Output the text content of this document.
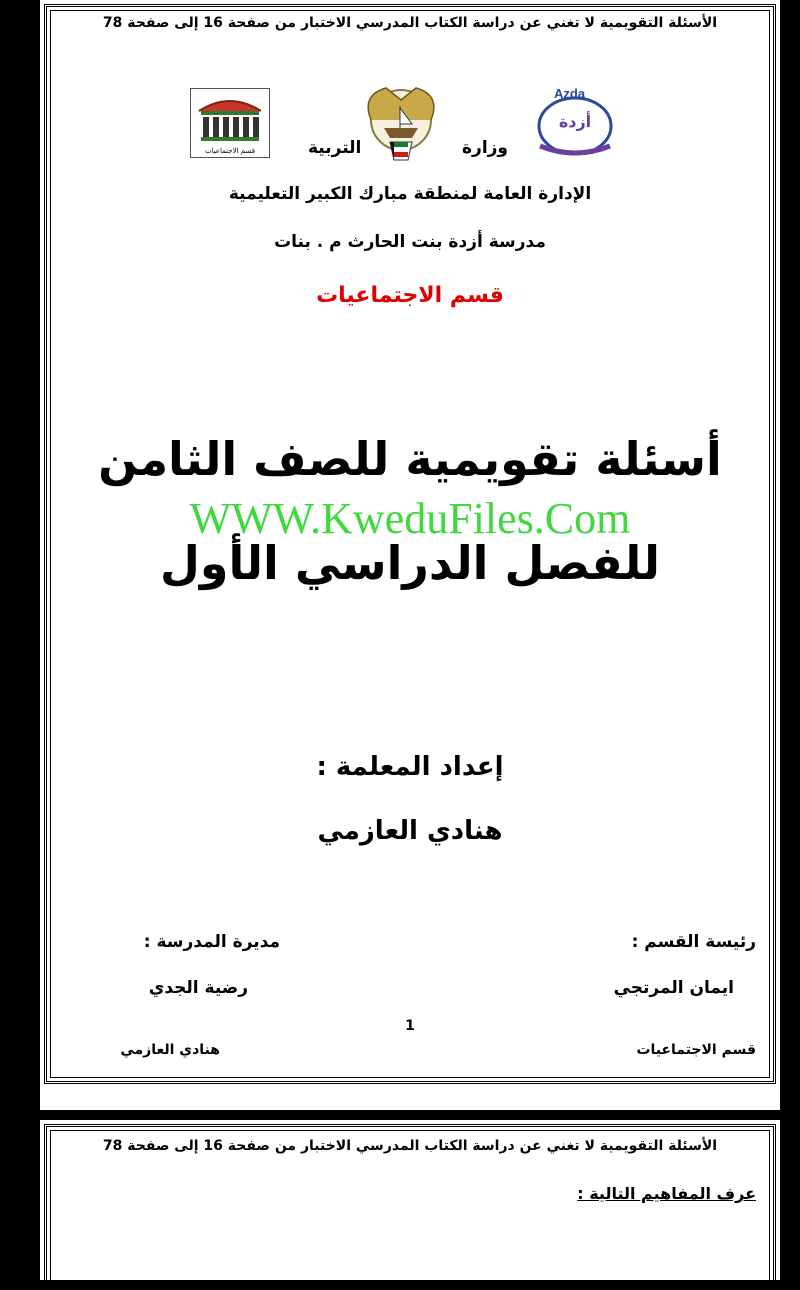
الأسئلة التقويمية لا تغني عن دراسة الكتاب المدرسي الاختبار من صفحة 16 إلى صفحة 78
قسم الاجتماعيات	التربية	وزارة
Azda
أزدة
الإدارة العامة لمنطقة مبارك الكبير التعليمية
مدرسة أزدة بنت الحارث م . بنات
قسم الاجتماعيات
أسئلة تقويمية للصف الثامن
للفصل الدراسي الأول
WWW.KweduFiles.Com
إعداد المعلمة :
هنادي العازمي
رئيسة القسم :
ايمان المرتجي
مديرة المدرسة :
رضية الجدي
1
قسم الاجتماعيات
هنادي العازمي
الأسئلة التقويمية لا تغني عن دراسة الكتاب المدرسي الاختبار من صفحة 16 إلى صفحة 78
عرف المفاهيم التالية :
